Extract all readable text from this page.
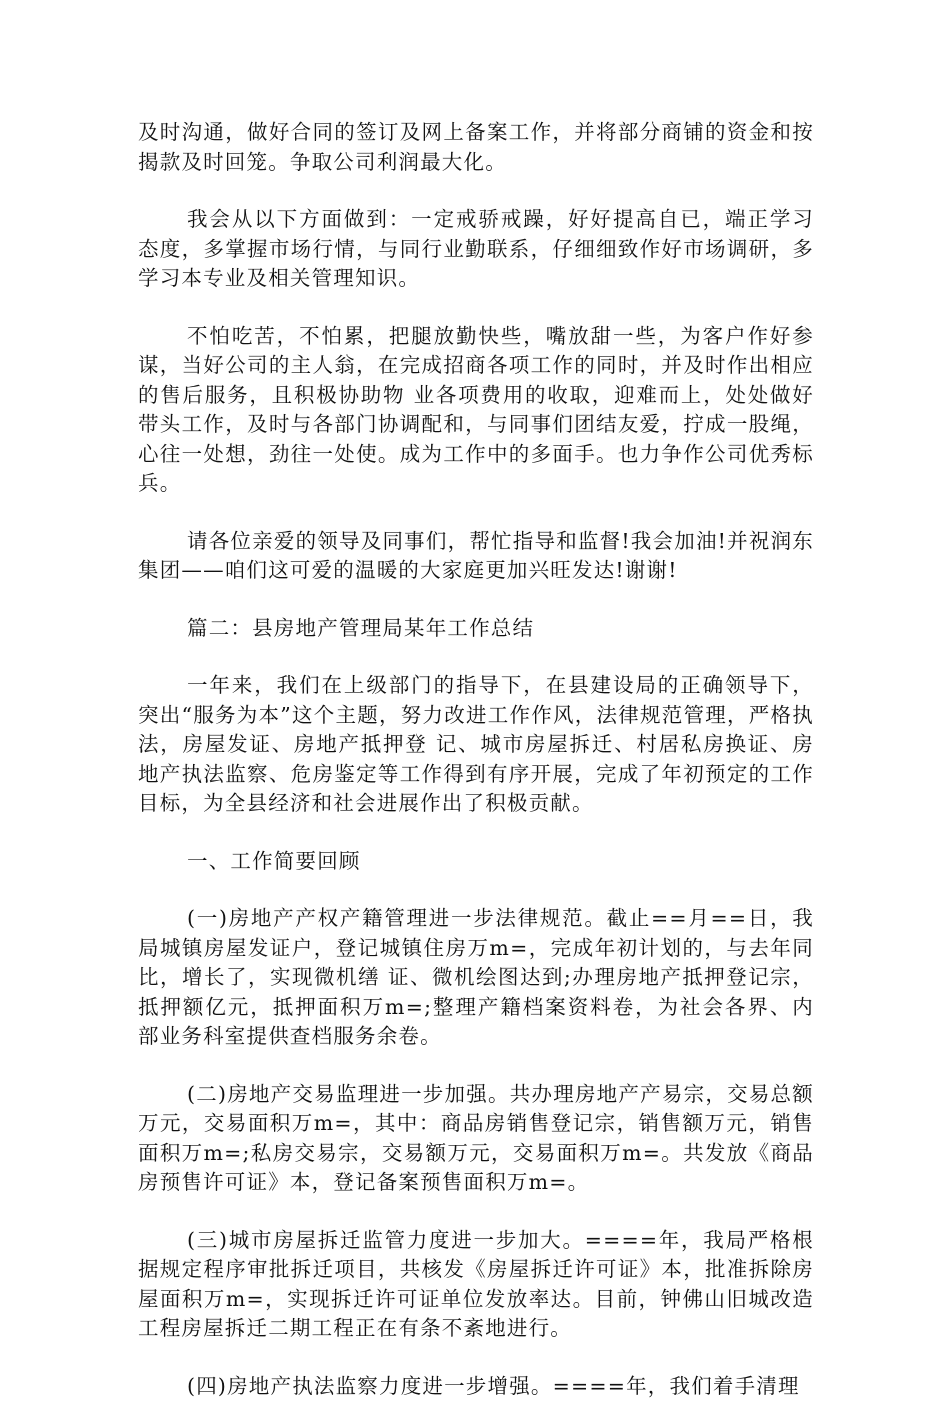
及时沟通，做好合同的签订及网上备案工作，并将部分商铺的资金和按揭款及时回笼。争取公司利润最大化。

我会从以下方面做到：一定戒骄戒躁，好好提高自已，端正学习态度，多掌握市场行情，与同行业勤联系，仔细细致作好市场调研，多学习本专业及相关管理知识。

不怕吃苦，不怕累，把腿放勤快些，嘴放甜一些，为客户作好参谋，当好公司的主人翁，在完成招商各项工作的同时，并及时作出相应的售后服务，且积极协助物 业各项费用的收取，迎难而上，处处做好带头工作，及时与各部门协调配和，与同事们团结友爱，拧成一股绳，心往一处想，劲往一处使。成为工作中的多面手。也力争作公司优秀标兵。

请各位亲爱的领导及同事们，帮忙指导和监督!我会加油!并祝润东集团——咱们这可爱的温暖的大家庭更加兴旺发达!谢谢!

篇二：县房地产管理局某年工作总结

一年来，我们在上级部门的指导下，在县建设局的正确领导下，突出“服务为本”这个主题，努力改进工作作风，法律规范管理，严格执法，房屋发证、房地产抵押登 记、城市房屋拆迁、村居私房换证、房地产执法监察、危房鉴定等工作得到有序开展，完成了年初预定的工作目标，为全县经济和社会进展作出了积极贡献。

一、工作简要回顾

(一)房地产产权产籍管理进一步法律规范。截止==月==日，我局城镇房屋发证户，登记城镇住房万m=，完成年初计划的，与去年同比，增长了，实现微机缮 证、微机绘图达到;办理房地产抵押登记宗，抵押额亿元，抵押面积万m=;整理产籍档案资料卷，为社会各界、内部业务科室提供查档服务余卷。

(二)房地产交易监理进一步加强。共办理房地产产易宗，交易总额万元，交易面积万m=，其中：商品房销售登记宗，销售额万元，销售面积万m=;私房交易宗，交易额万元，交易面积万m=。共发放《商品房预售许可证》本，登记备案预售面积万m=。

(三)城市房屋拆迁监管力度进一步加大。====年，我局严格根据规定程序审批拆迁项目，共核发《房屋拆迁许可证》本，批准拆除房屋面积万m=，实现拆迁许可证单位发放率达。目前，钟佛山旧城改造工程房屋拆迁二期工程正在有条不紊地进行。

(四)房地产执法监察力度进一步增强。====年，我们着手清理
